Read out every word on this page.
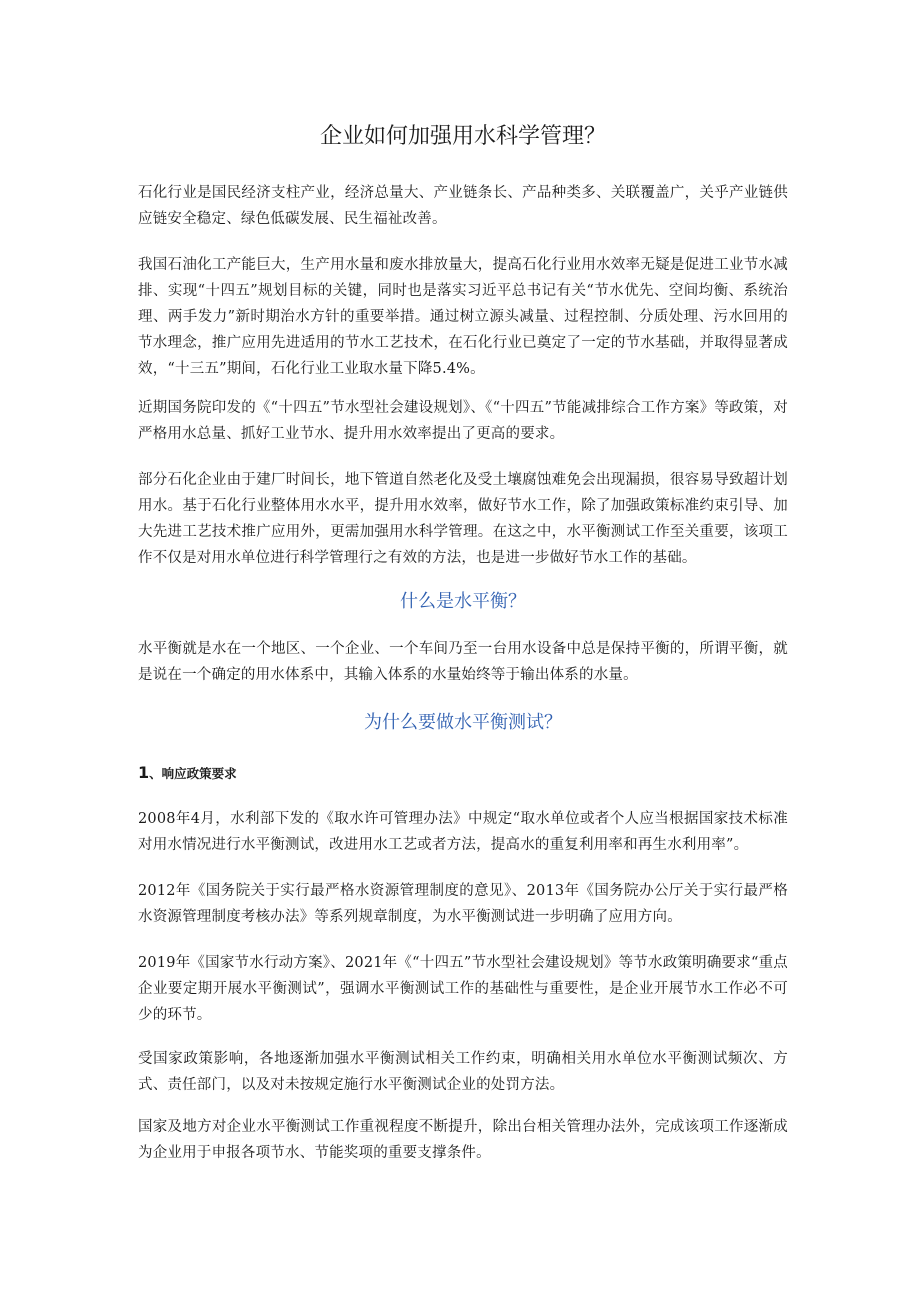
企业如何加强用水科学管理？

石化行业是国民经济支柱产业，经济总量大、产业链条长、产品种类多、关联覆盖广，关乎产业链供应链安全稳定、绿色低碳发展、民生福祉改善。

我国石油化工产能巨大，生产用水量和废水排放量大，提高石化行业用水效率无疑是促进工业节水减排、实现“十四五”规划目标的关键，同时也是落实习近平总书记有关“节水优先、空间均衡、系统治理、两手发力”新时期治水方针的重要举措。通过树立源头减量、过程控制、分质处理、污水回用的节水理念，推广应用先进适用的节水工艺技术，在石化行业已奠定了一定的节水基础，并取得显著成效，“十三五”期间，石化行业工业取水量下降5.4%。

近期国务院印发的《“十四五”节水型社会建设规划》、《“十四五”节能减排综合工作方案》等政策，对严格用水总量、抓好工业节水、提升用水效率提出了更高的要求。

部分石化企业由于建厂时间长，地下管道自然老化及受土壤腐蚀难免会出现漏损，很容易导致超计划用水。基于石化行业整体用水水平，提升用水效率，做好节水工作，除了加强政策标准约束引导、加大先进工艺技术推广应用外，更需加强用水科学管理。在这之中，水平衡测试工作至关重要，该项工作不仅是对用水单位进行科学管理行之有效的方法，也是进一步做好节水工作的基础。

什么是水平衡？

水平衡就是水在一个地区、一个企业、一个车间乃至一台用水设备中总是保持平衡的，所谓平衡，就是说在一个确定的用水体系中，其输入体系的水量始终等于输出体系的水量。

为什么要做水平衡测试？
1、响应政策要求

2008年4月，水利部下发的《取水许可管理办法》中规定“取水单位或者个人应当根据国家技术标准对用水情况进行水平衡测试，改进用水工艺或者方法，提高水的重复利用率和再生水利用率”。

2012年《国务院关于实行最严格水资源管理制度的意见》、2013年《国务院办公厅关于实行最严格水资源管理制度考核办法》等系列规章制度，为水平衡测试进一步明确了应用方向。

2019年《国家节水行动方案》、2021年《“十四五”节水型社会建设规划》等节水政策明确要求“重点企业要定期开展水平衡测试”，强调水平衡测试工作的基础性与重要性，是企业开展节水工作必不可少的环节。

受国家政策影响，各地逐渐加强水平衡测试相关工作约束，明确相关用水单位水平衡测试频次、方式、责任部门，以及对未按规定施行水平衡测试企业的处罚方法。

国家及地方对企业水平衡测试工作重视程度不断提升，除出台相关管理办法外，完成该项工作逐渐成为企业用于申报各项节水、节能奖项的重要支撑条件。
